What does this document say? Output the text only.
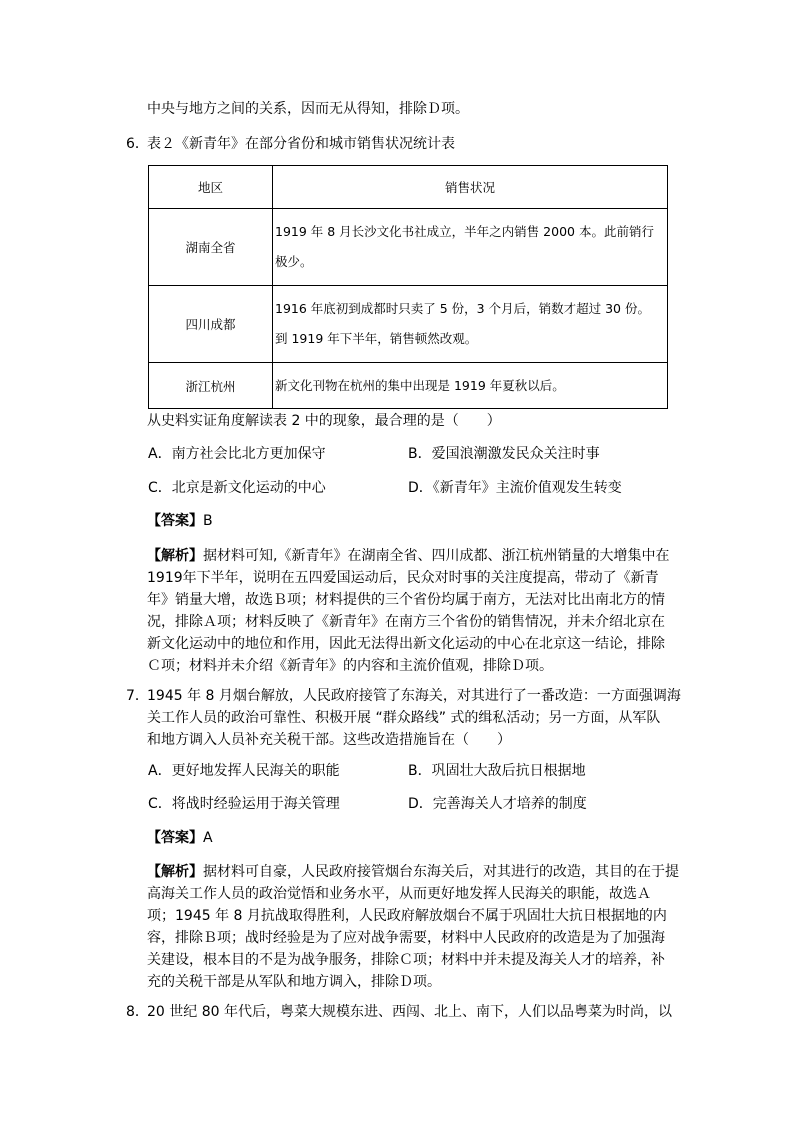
中央与地方之间的关系，因而无从得知，排除Ｄ项。

6．

表２《新青年》在部分省份和城市销售状况统计表

地区	销售状况
湖南全省	1919 年 8 月长沙文化书社成立，半年之内销售 2000 本。此前销行
极少。

四川成都	1916 年底初到成都时只卖了 5 份，3 个月后，销数才超过 30 份。
到 1919 年下半年，销售顿然改观。

浙江杭州	新文化刊物在杭州的集中出现是 1919 年夏秋以后。

从史料实证角度解读表 2 中的现象，最合理的是（　　）

A．南方社会比北方更加保守	B．爱国浪潮激发民众关注时事
C．北京是新文化运动的中心	D．《新青年》主流价值观发生转变

【答案】B

【解析】据材料可知,《新青年》在湖南全省、四川成都、浙江杭州销量的大增集中在
1919年下半年，说明在五四爱国运动后，民众对时事的关注度提高，带动了《新青
年》销量大增，故选Ｂ项；材料提供的三个省份均属于南方，无法对比出南北方的情
况，排除Ａ项；材料反映了《新青年》在南方三个省份的销售情况，并未介绍北京在
新文化运动中的地位和作用，因此无法得出新文化运动的中心在北京这一结论，排除
Ｃ项；材料并未介绍《新青年》的内容和主流价值观，排除Ｄ项。
7．
1945 年 8 月烟台解放，人民政府接管了东海关，对其进行了一番改造：一方面强调海
关工作人员的政治可靠性、积极开展 “群众路线” 式的缉私活动；另一方面，从军队
和地方调入人员补充关税干部。这些改造措施旨在（　　）
A．更好地发挥人民海关的职能	B．巩固壮大敌后抗日根据地
C．将战时经验运用于海关管理	D．完善海关人才培养的制度

【答案】A

【解析】据材料可自豪，人民政府接管烟台东海关后，对其进行的改造，其目的在于提
高海关工作人员的政治觉悟和业务水平，从而更好地发挥人民海关的职能，故选Ａ
项；1945 年 8 月抗战取得胜利，人民政府解放烟台不属于巩固壮大抗日根据地的内
容，排除Ｂ项；战时经验是为了应对战争需要，材料中人民政府的改造是为了加强海
关建设，根本目的不是为战争服务，排除Ｃ项；材料中并未提及海关人才的培养，补
充的关税干部是从军队和地方调入，排除Ｄ项。
8．

20 世纪 80 年代后，粤菜大规模东进、西闯、北上、南下，人们以品粤菜为时尚，以
